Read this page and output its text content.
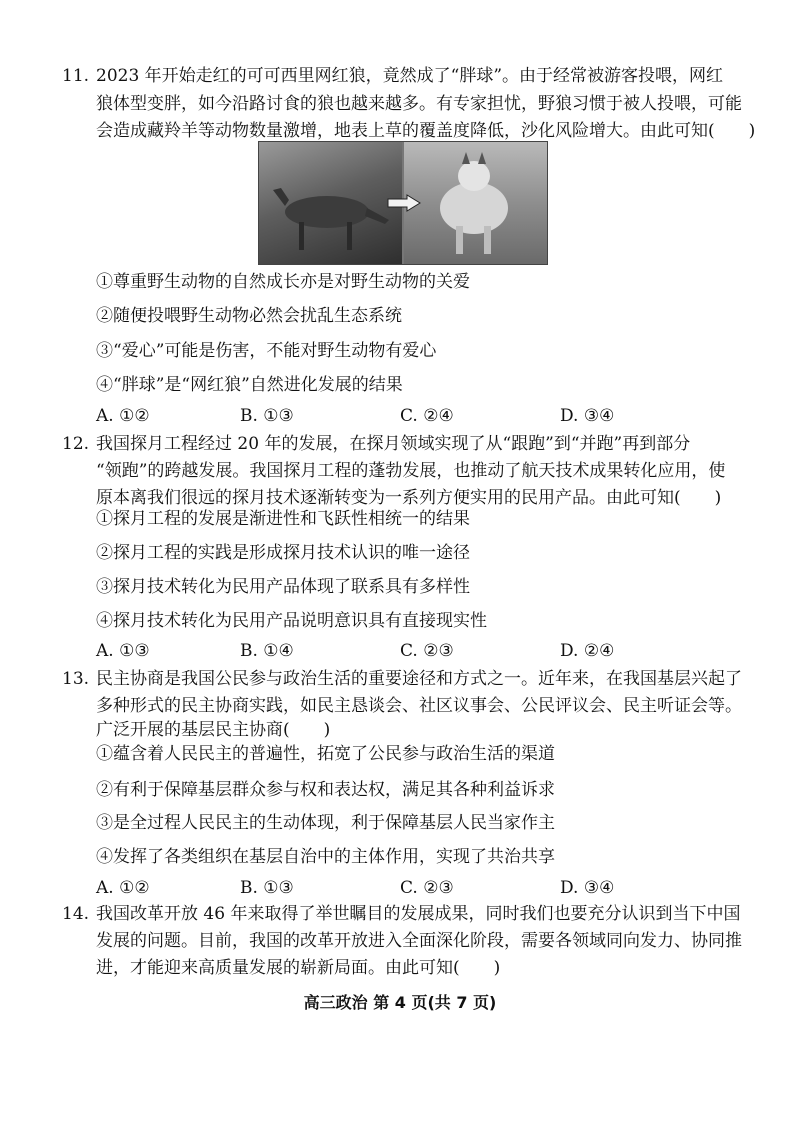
11. 2023 年开始走红的可可西里网红狼，竟然成了“胖球”。由于经常被游客投喂，网红
狼体型变胖，如今沿路讨食的狼也越来越多。有专家担忧，野狼习惯于被人投喂，可能
会造成藏羚羊等动物数量激增，地表上草的覆盖度降低，沙化风险增大。由此可知(　　)
①尊重野生动物的自然成长亦是对野生动物的关爱
②随便投喂野生动物必然会扰乱生态系统
③“爱心”可能是伤害，不能对野生动物有爱心
④“胖球”是“网红狼”自然进化发展的结果
A. ①②	B. ①③	C. ②④	D. ③④
12. 我国探月工程经过 20 年的发展，在探月领域实现了从“跟跑”到“并跑”再到部分
“领跑”的跨越发展。我国探月工程的蓬勃发展，也推动了航天技术成果转化应用，使
原本离我们很远的探月技术逐渐转变为一系列方便实用的民用产品。由此可知(　　)
①探月工程的发展是渐进性和飞跃性相统一的结果
②探月工程的实践是形成探月技术认识的唯一途径
③探月技术转化为民用产品体现了联系具有多样性
④探月技术转化为民用产品说明意识具有直接现实性
A. ①③	B. ①④	C. ②③	D. ②④
13. 民主协商是我国公民参与政治生活的重要途径和方式之一。近年来，在我国基层兴起了
多种形式的民主协商实践，如民主恳谈会、社区议事会、公民评议会、民主听证会等。
广泛开展的基层民主协商(　　)
①蕴含着人民民主的普遍性，拓宽了公民参与政治生活的渠道
②有利于保障基层群众参与权和表达权，满足其各种利益诉求
③是全过程人民民主的生动体现，利于保障基层人民当家作主
④发挥了各类组织在基层自治中的主体作用，实现了共治共享
A. ①②	B. ①③	C. ②③	D. ③④
14. 我国改革开放 46 年来取得了举世瞩目的发展成果，同时我们也要充分认识到当下中国
发展的问题。目前，我国的改革开放进入全面深化阶段，需要各领域同向发力、协同推
进，才能迎来高质量发展的崭新局面。由此可知(　　)
高三政治 第 4 页(共 7 页)
